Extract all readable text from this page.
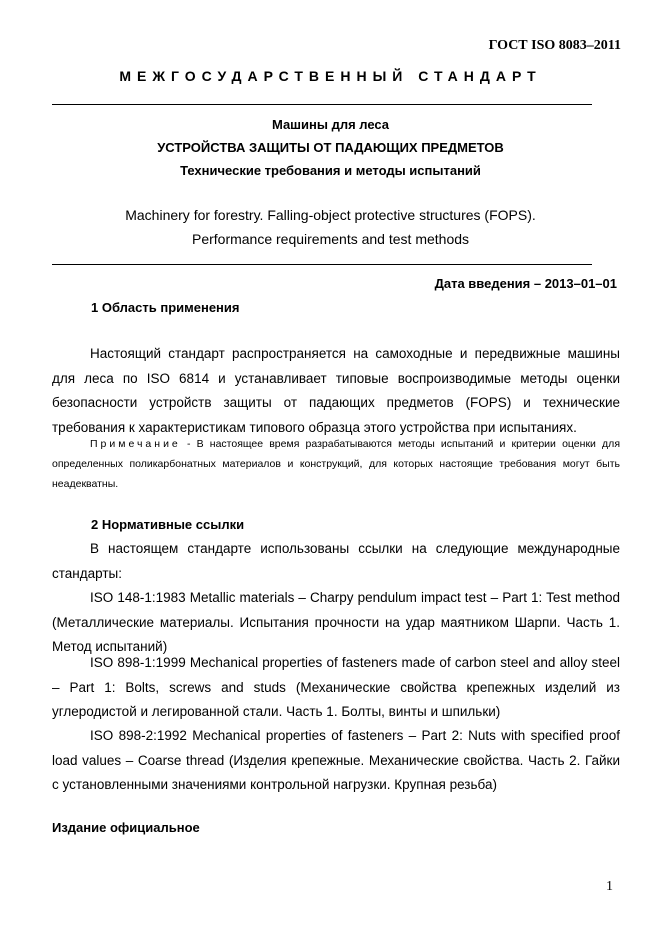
ГОСТ ISO 8083–2011
МЕЖГОСУДАРСТВЕННЫЙ СТАНДАРТ
Машины для леса
УСТРОЙСТВА ЗАЩИТЫ ОТ ПАДАЮЩИХ ПРЕДМЕТОВ
Технические требования и методы испытаний
Machinery for forestry. Falling-object protective structures (FOPS).
Performance requirements and test methods
Дата введения – 2013–01–01
1 Область применения
Настоящий стандарт распространяется на самоходные и передвижные машины для леса по ISO 6814 и устанавливает типовые воспроизводимые методы оценки безопасности устройств защиты от падающих предметов (FOPS) и технические требования к характеристикам типового образца этого устройства при испытаниях.
Примечание - В настоящее время разрабатываются методы испытаний и критерии оценки для определенных поликарбонатных материалов и конструкций, для которых настоящие требования могут быть неадекватны.
2 Нормативные ссылки
В настоящем стандарте использованы ссылки на следующие международные стандарты:
ISO 148-1:1983 Metallic materials – Charpy pendulum impact test – Part 1: Test method (Металлические материалы. Испытания прочности на удар маятником Шарпи. Часть 1. Метод испытаний)
ISO 898-1:1999 Mechanical properties of fasteners made of carbon steel and alloy steel – Part 1: Bolts, screws and studs (Механические свойства крепежных изделий из углеродистой и легированной стали. Часть 1. Болты, винты и шпильки)
ISO 898-2:1992 Mechanical properties of fasteners – Part 2: Nuts with specified proof load values – Coarse thread (Изделия крепежные. Механические свойства. Часть 2. Гайки с установленными значениями контрольной нагрузки. Крупная резьба)
Издание официальное
1
